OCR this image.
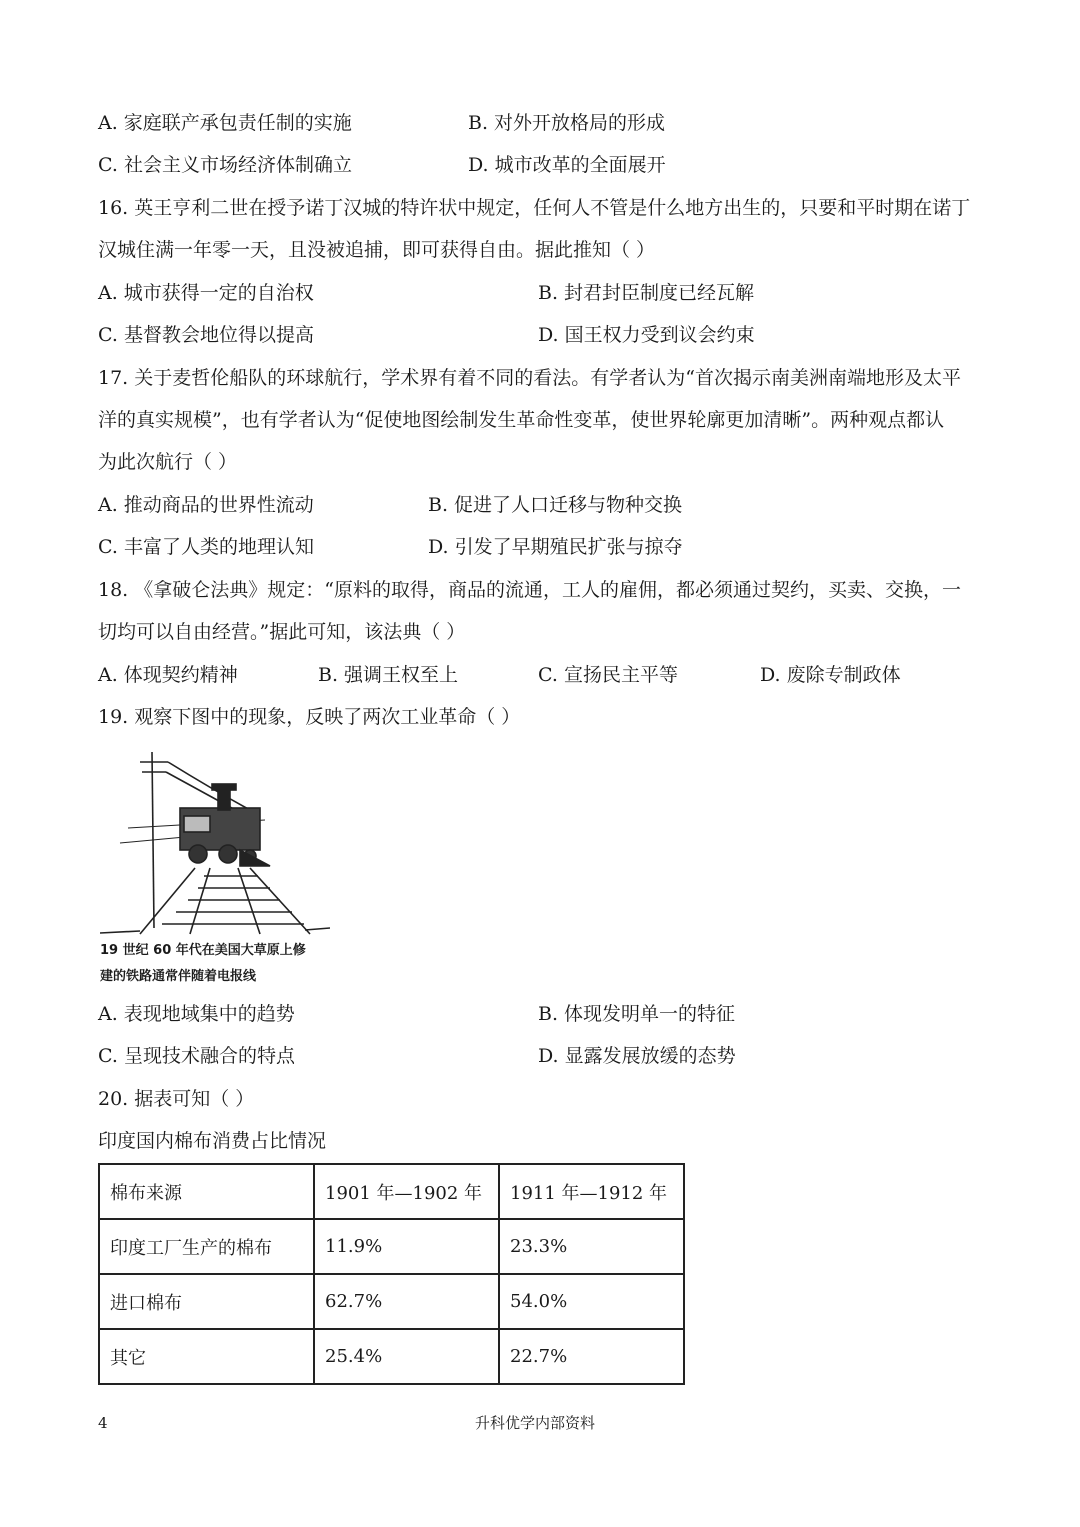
A. 家庭联产承包责任制的实施	B. 对外开放格局的形成
C. 社会主义市场经济体制确立	D. 城市改革的全面展开
16. 英王亨利二世在授予诺丁汉城的特许状中规定，任何人不管是什么地方出生的，只要和平时期在诺丁
汉城住满一年零一天，且没被追捕，即可获得自由。据此推知（ ）
A. 城市获得一定的自治权	B. 封君封臣制度已经瓦解
C. 基督教会地位得以提高	D. 国王权力受到议会约束
17. 关于麦哲伦船队的环球航行，学术界有着不同的看法。有学者认为“首次揭示南美洲南端地形及太平
洋的真实规模”，也有学者认为“促使地图绘制发生革命性变革，使世界轮廓更加清晰”。两种观点都认
为此次航行（ ）
A. 推动商品的世界性流动	B. 促进了人口迁移与物种交换
C. 丰富了人类的地理认知	D. 引发了早期殖民扩张与掠夺
18. 《拿破仑法典》规定：“原料的取得，商品的流通，工人的雇佣，都必须通过契约，买卖、交换，一
切均可以自由经营。”据此可知，该法典（ ）
A. 体现契约精神	B. 强调王权至上	C. 宣扬民主平等	D. 废除专制政体
19. 观察下图中的现象，反映了两次工业革命（ ）
19 世纪 60 年代在美国大草原上修
建的铁路通常伴随着电报线
A. 表现地域集中的趋势	B. 体现发明单一的特征
C. 呈现技术融合的特点	D. 显露发展放缓的态势
20. 据表可知（ ）
印度国内棉布消费占比情况
棉布来源	1901 年—1902 年	1911 年—1912 年
印度工厂生产的棉布	11.9%	23.3%
进口棉布	62.7%	54.0%
其它	25.4%	22.7%
4	升科优学内部资料
